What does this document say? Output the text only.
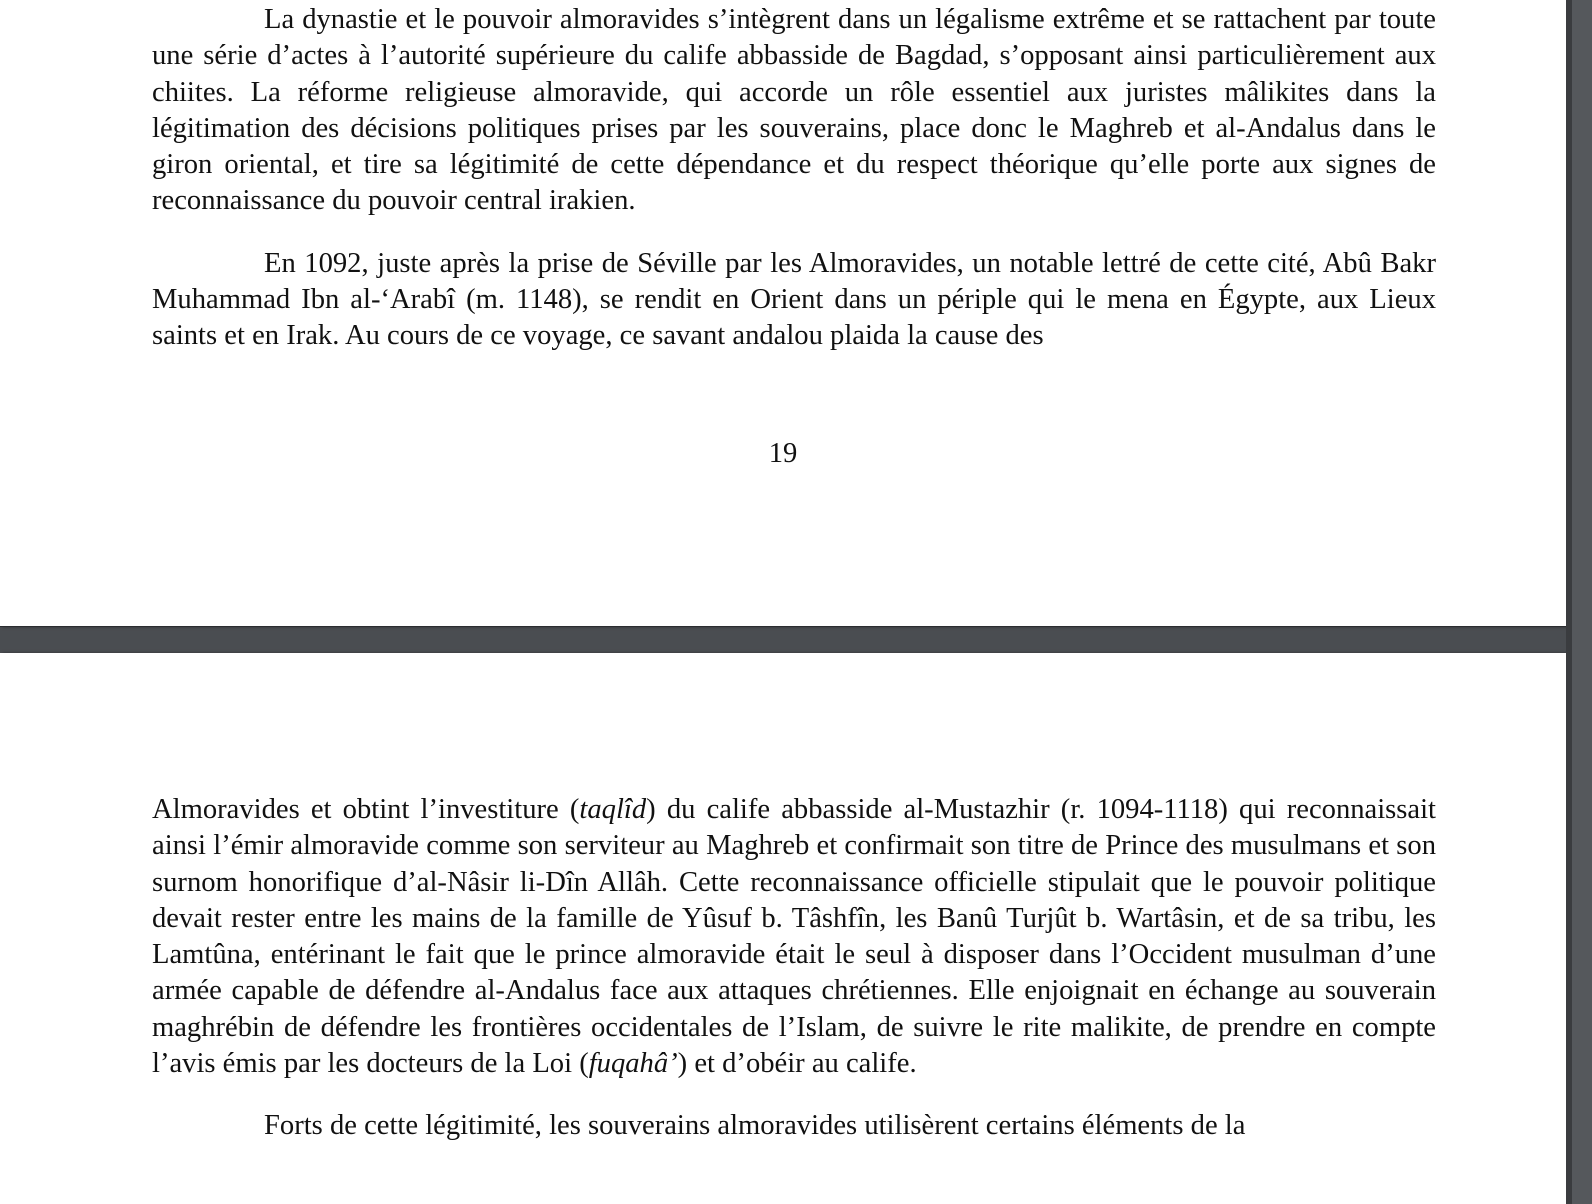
La dynastie et le pouvoir almoravides s’intègrent dans un légalisme extrême et se rattachent par toute une série d’actes à l’autorité supérieure du calife abbasside de Bagdad, s’opposant ainsi particulièrement aux chiites. La réforme religieuse almoravide, qui accorde un rôle essentiel aux juristes mâlikites dans la légitimation des décisions politiques prises par les souverains, place donc le Maghreb et al-Andalus dans le giron oriental, et tire sa légitimité de cette dépendance et du respect théorique qu’elle porte aux signes de reconnaissance du pouvoir central irakien.

En 1092, juste après la prise de Séville par les Almoravides, un notable lettré de cette cité, Abû Bakr Muhammad Ibn al-‘Arabî (m. 1148), se rendit en Orient dans un périple qui le mena en Égypte, aux Lieux saints et en Irak. Au cours de ce voyage, ce savant andalou plaida la cause des

19

Almoravides et obtint l’investiture (taqlîd) du calife abbasside al-Mustazhir (r. 1094-1118) qui reconnaissait ainsi l’émir almoravide comme son serviteur au Maghreb et confirmait son titre de Prince des musulmans et son surnom honorifique d’al-Nâsir li-Dîn Allâh. Cette reconnaissance officielle stipulait que le pouvoir politique devait rester entre les mains de la famille de Yûsuf b. Tâshfîn, les Banû Turjût b. Wartâsin, et de sa tribu, les Lamtûna, entérinant le fait que le prince almoravide était le seul à disposer dans l’Occident musulman d’une armée capable de défendre al-Andalus face aux attaques chrétiennes. Elle enjoignait en échange au souverain maghrébin de défendre les frontières occidentales de l’Islam, de suivre le rite malikite, de prendre en compte l’avis émis par les docteurs de la Loi (fuqahâ’) et d’obéir au calife.

Forts de cette légitimité, les souverains almoravides utilisèrent certains éléments de la
